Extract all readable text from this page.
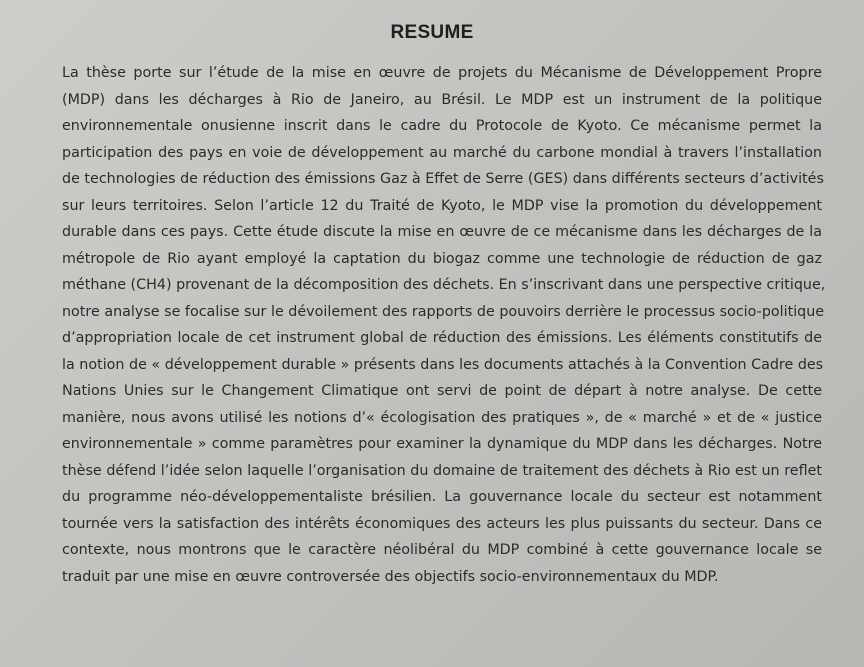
RESUME
La thèse porte sur l’étude de la mise en œuvre de projets du Mécanisme de Développement Propre
(MDP) dans les décharges à Rio de Janeiro, au Brésil. Le MDP est un instrument de la politique
environnementale onusienne inscrit dans le cadre du Protocole de Kyoto. Ce mécanisme permet la
participation des pays en voie de développement au marché du carbone mondial à travers l’installation
de technologies de réduction des émissions Gaz à Effet de Serre (GES) dans différents secteurs d’activités
sur leurs territoires. Selon l’article 12 du Traité de Kyoto, le MDP vise la promotion du développement
durable dans ces pays. Cette étude discute la mise en œuvre de ce mécanisme dans les décharges de la
métropole de Rio ayant employé la captation du biogaz comme une technologie de réduction de gaz
méthane (CH4) provenant de la décomposition des déchets. En s’inscrivant dans une perspective critique,
notre analyse se focalise sur le dévoilement des rapports de pouvoirs derrière le processus socio-politique
d’appropriation locale de cet instrument global de réduction des émissions. Les éléments constitutifs de
la notion de « développement durable » présents dans les documents attachés à la Convention Cadre des
Nations Unies sur le Changement Climatique ont servi de point de départ à notre analyse. De cette
manière, nous avons utilisé les notions d’« écologisation des pratiques », de « marché » et de « justice
environnementale » comme paramètres pour examiner la dynamique du MDP dans les décharges. Notre
thèse défend l’idée selon laquelle l’organisation du domaine de traitement des déchets à Rio est un reflet
du programme néo-développementaliste brésilien. La gouvernance locale du secteur est notamment
tournée vers la satisfaction des intérêts économiques des acteurs les plus puissants du secteur. Dans ce
contexte, nous montrons que le caractère néolibéral du MDP combiné à cette gouvernance locale se
traduit par une mise en œuvre controversée des objectifs socio-environnementaux du MDP.
